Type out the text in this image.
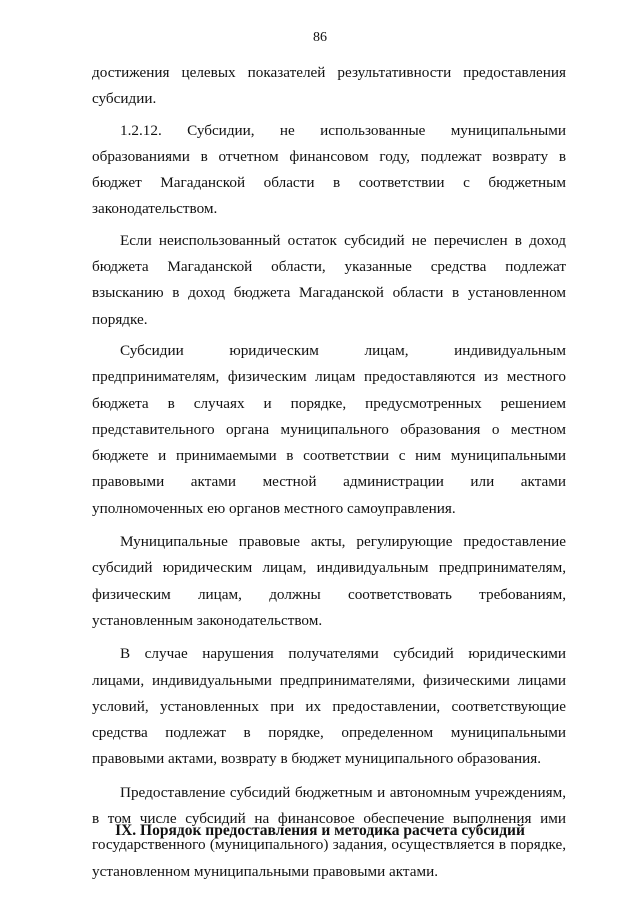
86

достижения целевых показателей результативности предоставления субсидии.

1.2.12. Субсидии, не использованные муниципальными образованиями в отчетном финансовом году, подлежат возврату в бюджет Магаданской области в соответствии с бюджетным законодательством.

Если неиспользованный остаток субсидий не перечислен в доход бюджета Магаданской области, указанные средства подлежат взысканию в доход бюджета Магаданской области в установленном порядке.

Субсидии юридическим лицам, индивидуальным предпринимателям, физическим лицам предоставляются из местного бюджета в случаях и порядке, предусмотренных решением представительного органа муниципального образования о местном бюджете и принимаемыми в соответствии с ним муниципальными правовыми актами местной администрации или актами уполномоченных ею органов местного самоуправления.

Муниципальные правовые акты, регулирующие предоставление субсидий юридическим лицам, индивидуальным предпринимателям, физическим лицам, должны соответствовать требованиям, установленным законодательством.

В случае нарушения получателями субсидий юридическими лицами, индивидуальными предпринимателями, физическими лицами условий, установленных при их предоставлении, соответствующие средства подлежат в порядке, определенном муниципальными правовыми актами, возврату в бюджет муниципального образования.

Предоставление субсидий бюджетным и автономным учреждениям, в том числе субсидий на финансовое обеспечение выполнения ими государственного (муниципального) задания, осуществляется в порядке, установленном муниципальными правовыми актами.

IX. Порядок предоставления и методика расчета субсидий
